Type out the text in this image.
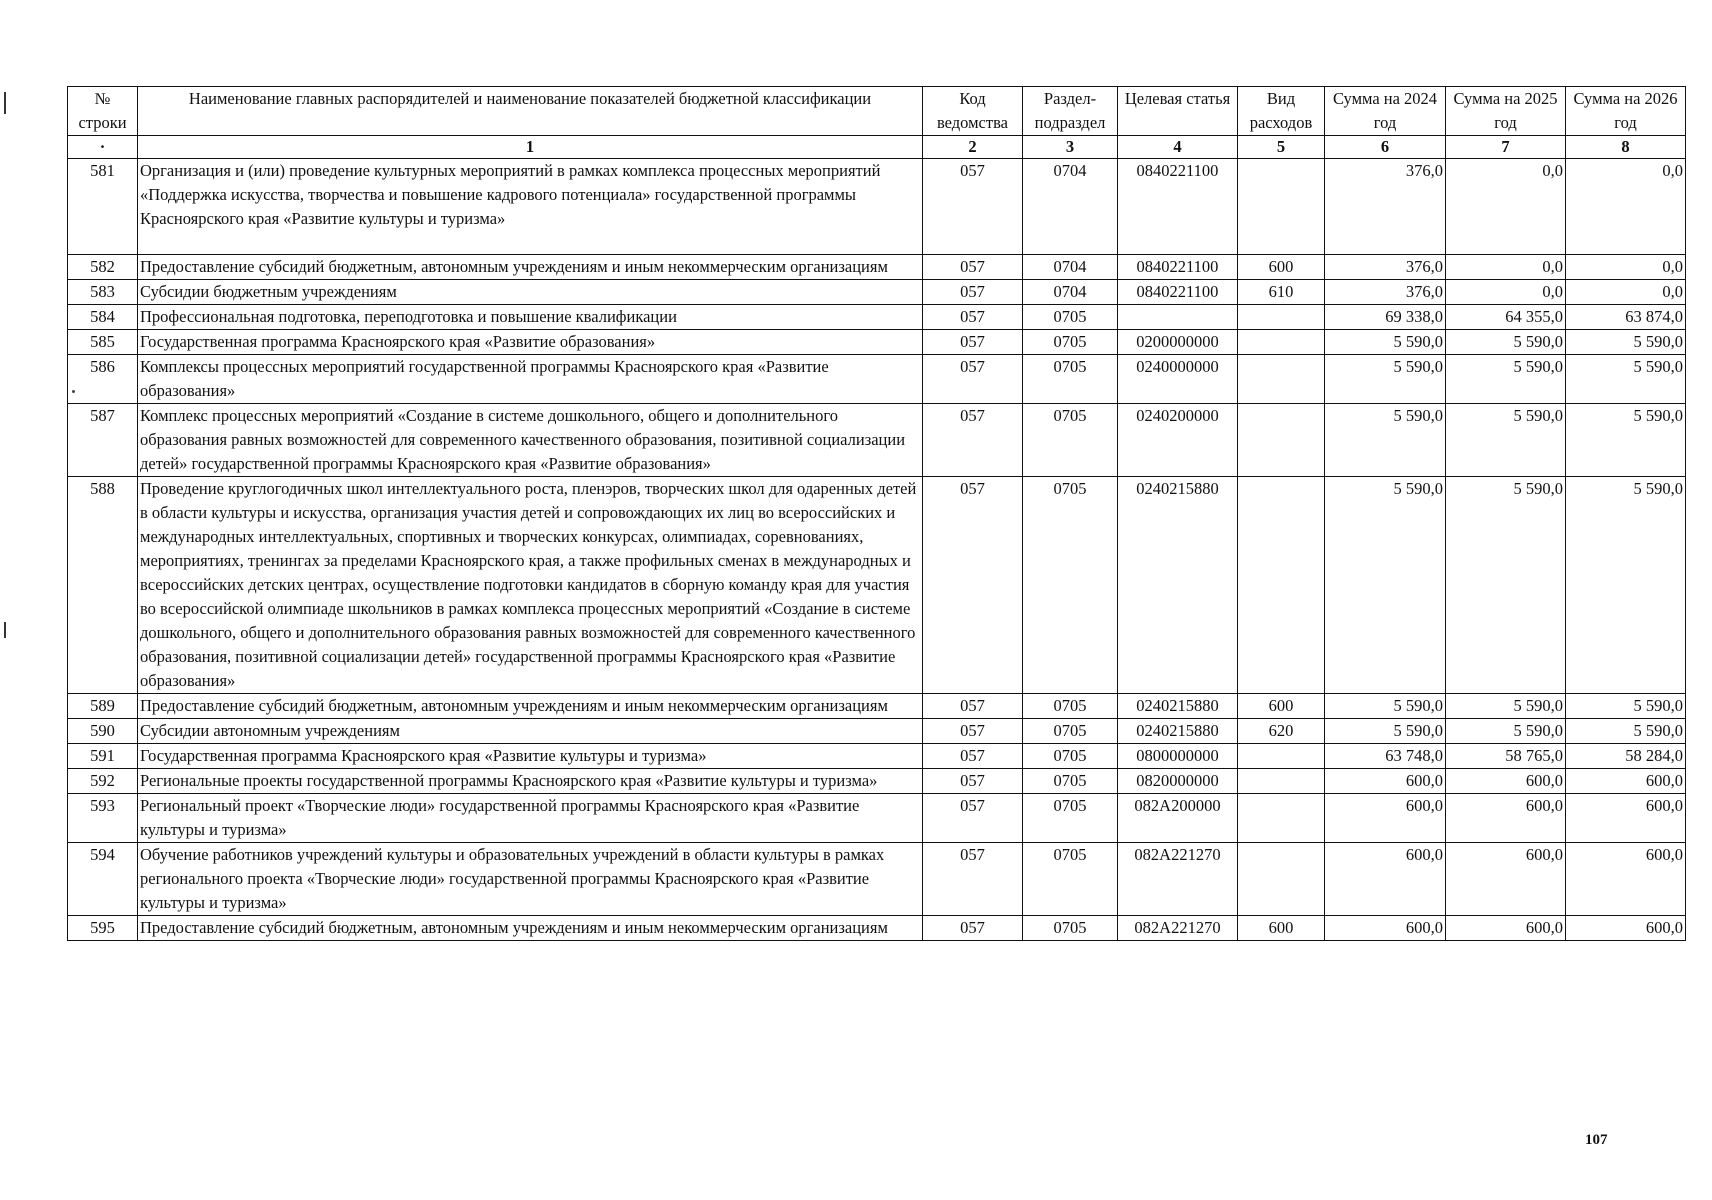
№ строки	Наименование главных распорядителей и наименование показателей бюджетной классификации	Код ведомства	Раздел-подраздел	Целевая статья	Вид расходов	Сумма на 2024 год	Сумма на 2025 год	Сумма на 2026 год
·	1	2	3	4	5	6	7	8
581	Организация и (или) проведение культурных мероприятий в рамках комплекса процессных мероприятий «Поддержка искусства, творчества и повышение кадрового потенциала» государственной программы Красноярского края «Развитие культуры и туризма»	057	0704	0840221100		376,0	0,0	0,0
582	Предоставление субсидий бюджетным, автономным учреждениям и иным некоммерческим организациям	057	0704	0840221100	600	376,0	0,0	0,0
583	Субсидии бюджетным учреждениям	057	0704	0840221100	610	376,0	0,0	0,0
584	Профессиональная подготовка, переподготовка и повышение квалификации	057	0705			69 338,0	64 355,0	63 874,0
585	Государственная программа Красноярского края «Развитие образования»	057	0705	0200000000		5 590,0	5 590,0	5 590,0
586	Комплексы процессных мероприятий государственной программы Красноярского края «Развитие образования»	057	0705	0240000000		5 590,0	5 590,0	5 590,0
587	Комплекс процессных мероприятий «Создание в системе дошкольного, общего и дополнительного образования равных возможностей для современного качественного образования, позитивной социализации детей» государственной программы Красноярского края «Развитие образования»	057	0705	0240200000		5 590,0	5 590,0	5 590,0
588	Проведение круглогодичных школ интеллектуального роста, пленэров, творческих школ для одаренных детей в области культуры и искусства, организация участия детей и сопровождающих их лиц во всероссийских и международных интеллектуальных, спортивных и творческих конкурсах, олимпиадах, соревнованиях, мероприятиях, тренингах за пределами Красноярского края, а также профильных сменах в международных и всероссийских детских центрах, осуществление подготовки кандидатов в сборную команду края для участия во всероссийской олимпиаде школьников в рамках комплекса процессных мероприятий «Создание в системе дошкольного, общего и дополнительного образования равных возможностей для современного качественного образования, позитивной социализации детей» государственной программы Красноярского края «Развитие образования»	057	0705	0240215880		5 590,0	5 590,0	5 590,0
589	Предоставление субсидий бюджетным, автономным учреждениям и иным некоммерческим организациям	057	0705	0240215880	600	5 590,0	5 590,0	5 590,0
590	Субсидии автономным учреждениям	057	0705	0240215880	620	5 590,0	5 590,0	5 590,0
591	Государственная программа Красноярского края «Развитие культуры и туризма»	057	0705	0800000000		63 748,0	58 765,0	58 284,0
592	Региональные проекты государственной программы Красноярского края «Развитие культуры и туризма»	057	0705	0820000000		600,0	600,0	600,0
593	Региональный проект «Творческие люди» государственной программы Красноярского края «Развитие культуры и туризма»	057	0705	082A200000		600,0	600,0	600,0
594	Обучение работников учреждений культуры и образовательных учреждений в области культуры в рамках регионального проекта «Творческие люди» государственной программы Красноярского края «Развитие культуры и туризма»	057	0705	082A221270		600,0	600,0	600,0
595	Предоставление субсидий бюджетным, автономным учреждениям и иным некоммерческим организациям	057	0705	082A221270	600	600,0	600,0	600,0
107
